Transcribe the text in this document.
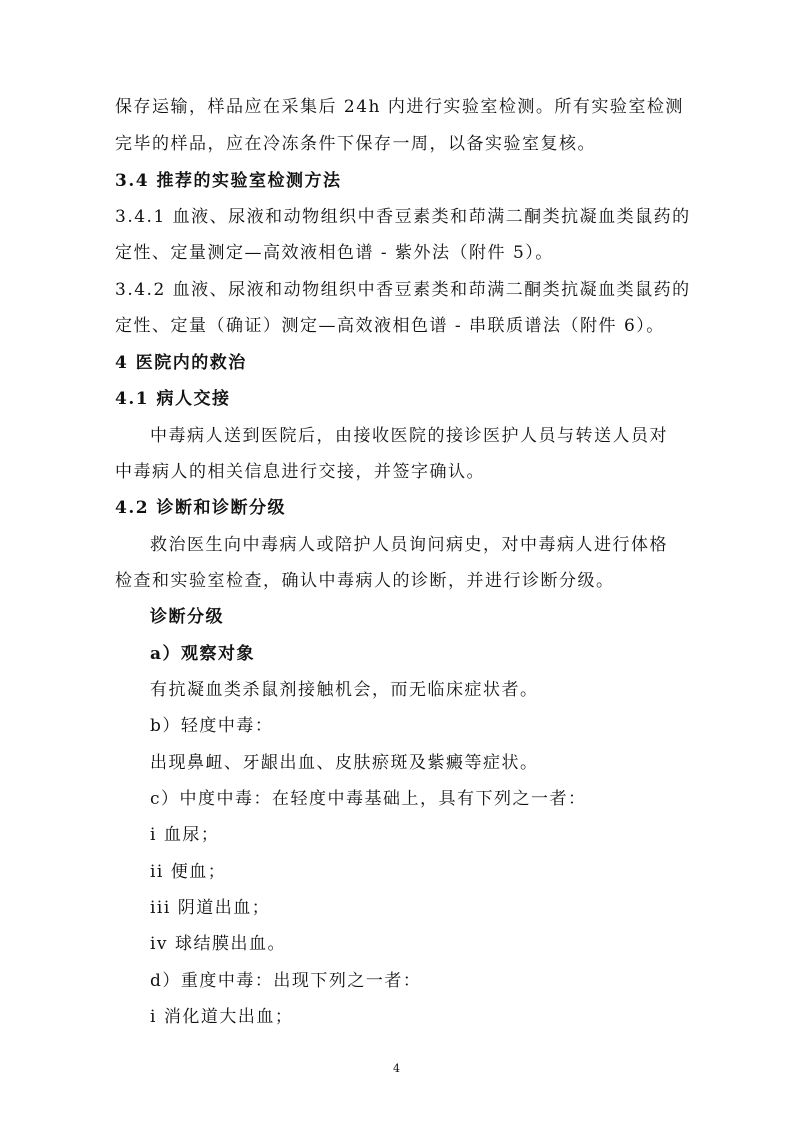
保存运输，样品应在采集后 24h 内进行实验室检测。所有实验室检测
完毕的样品，应在冷冻条件下保存一周，以备实验室复核。
3.4 推荐的实验室检测方法
3.4.1 血液、尿液和动物组织中香豆素类和茚满二酮类抗凝血类鼠药的
定性、定量测定—高效液相色谱 - 紫外法（附件 5）。
3.4.2 血液、尿液和动物组织中香豆素类和茚满二酮类抗凝血类鼠药的
定性、定量（确证）测定—高效液相色谱 - 串联质谱法（附件 6）。
4 医院内的救治
4.1 病人交接
中毒病人送到医院后，由接收医院的接诊医护人员与转送人员对
中毒病人的相关信息进行交接，并签字确认。
4.2 诊断和诊断分级
救治医生向中毒病人或陪护人员询问病史，对中毒病人进行体格
检查和实验室检查，确认中毒病人的诊断，并进行诊断分级。
诊断分级
a）观察对象
有抗凝血类杀鼠剂接触机会，而无临床症状者。
b）轻度中毒：
出现鼻衄、牙龈出血、皮肤瘀斑及紫癜等症状。
c）中度中毒：在轻度中毒基础上，具有下列之一者：
i 血尿；
ii 便血；
iii 阴道出血；
iv 球结膜出血。
d）重度中毒：出现下列之一者：
i 消化道大出血；
4
